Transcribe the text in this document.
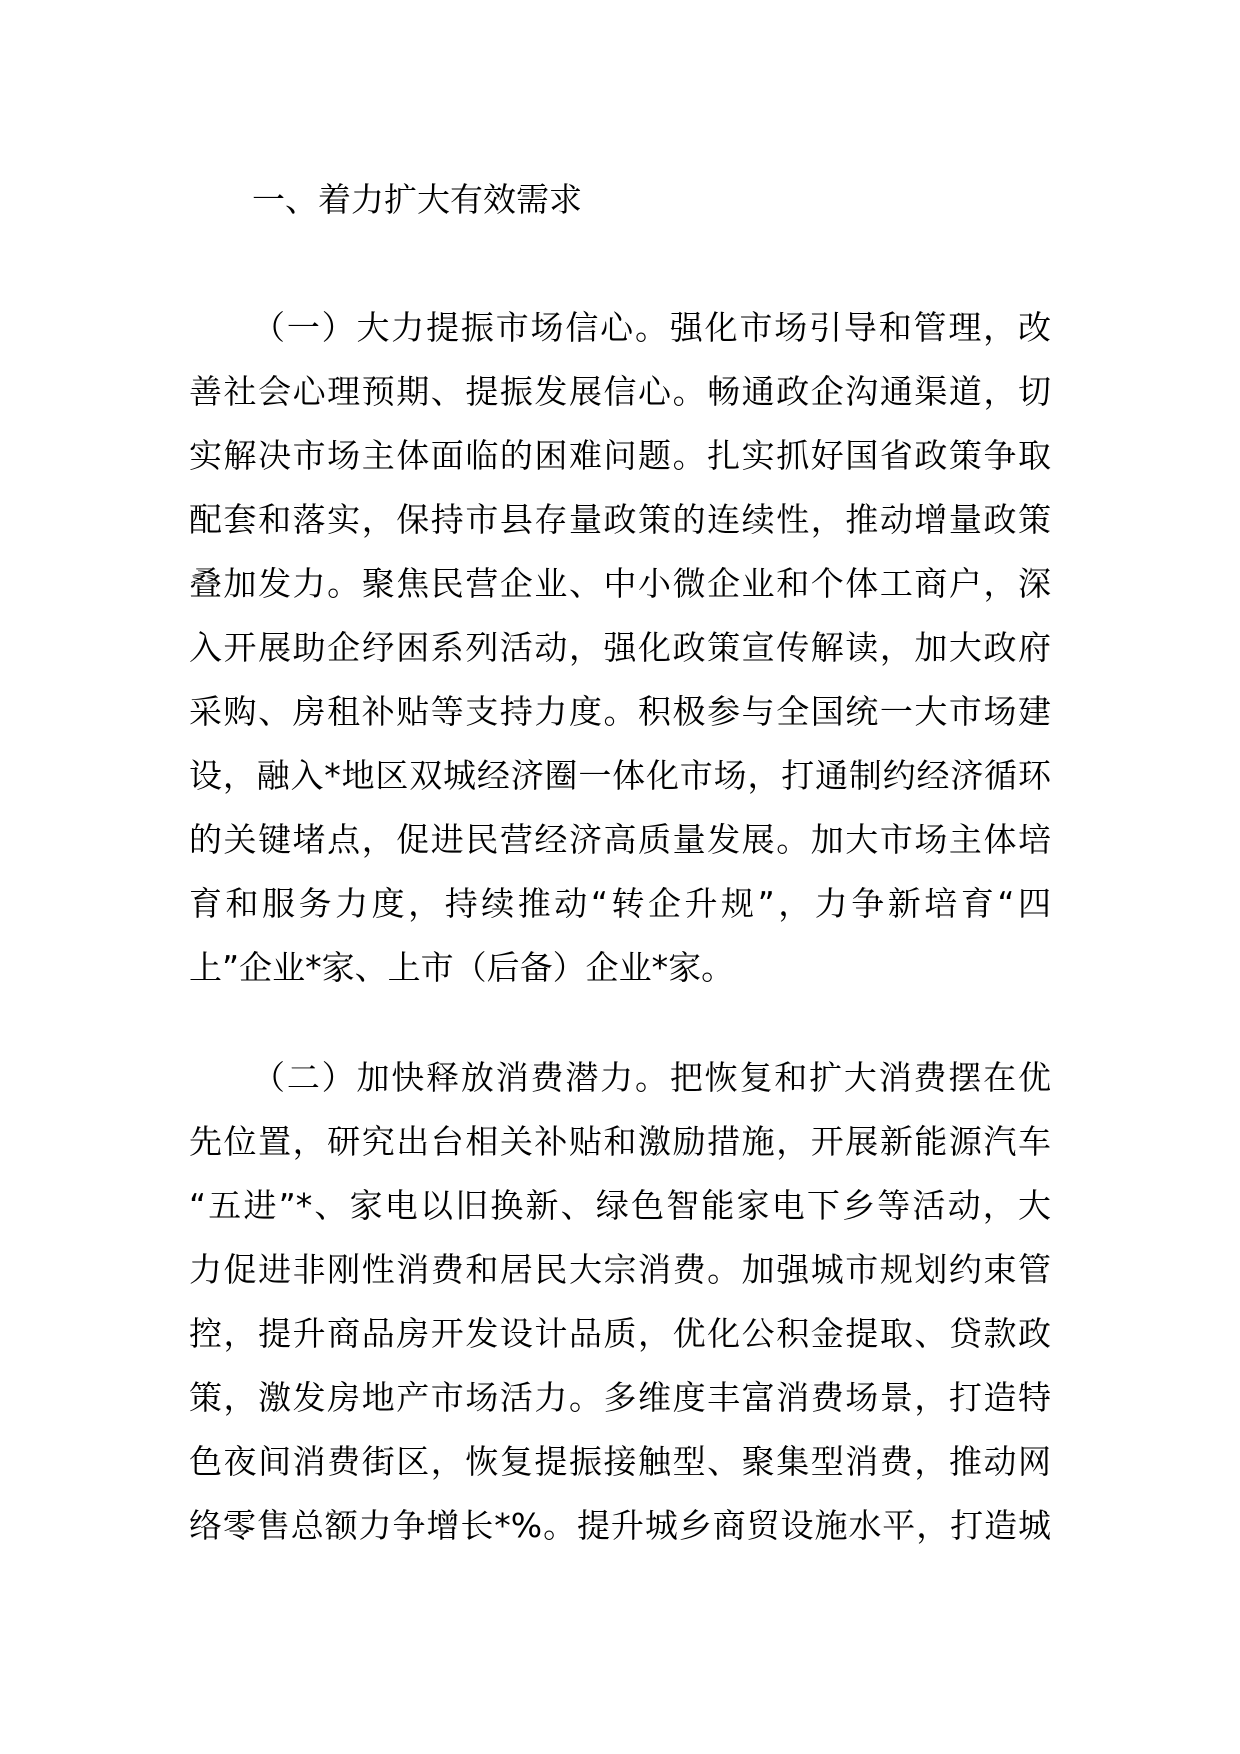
一、着力扩大有效需求
（一）大力提振市场信心。强化市场引导和管理，改
善社会心理预期、提振发展信心。畅通政企沟通渠道，切
实解决市场主体面临的困难问题。扎实抓好国省政策争取
配套和落实，保持市县存量政策的连续性，推动增量政策
叠加发力。聚焦民营企业、中小微企业和个体工商户，深
入开展助企纾困系列活动，强化政策宣传解读，加大政府
采购、房租补贴等支持力度。积极参与全国统一大市场建
设，融入*地区双城经济圈一体化市场，打通制约经济循环
的关键堵点，促进民营经济高质量发展。加大市场主体培
育和服务力度，持续推动“转企升规”，力争新培育“四
上”企业*家、上市（后备）企业*家。
（二）加快释放消费潜力。把恢复和扩大消费摆在优
先位置，研究出台相关补贴和激励措施，开展新能源汽车
“五进”*、家电以旧换新、绿色智能家电下乡等活动，大
力促进非刚性消费和居民大宗消费。加强城市规划约束管
控，提升商品房开发设计品质，优化公积金提取、贷款政
策，激发房地产市场活力。多维度丰富消费场景，打造特
色夜间消费街区，恢复提振接触型、聚集型消费，推动网
络零售总额力争增长*%。提升城乡商贸设施水平，打造城
